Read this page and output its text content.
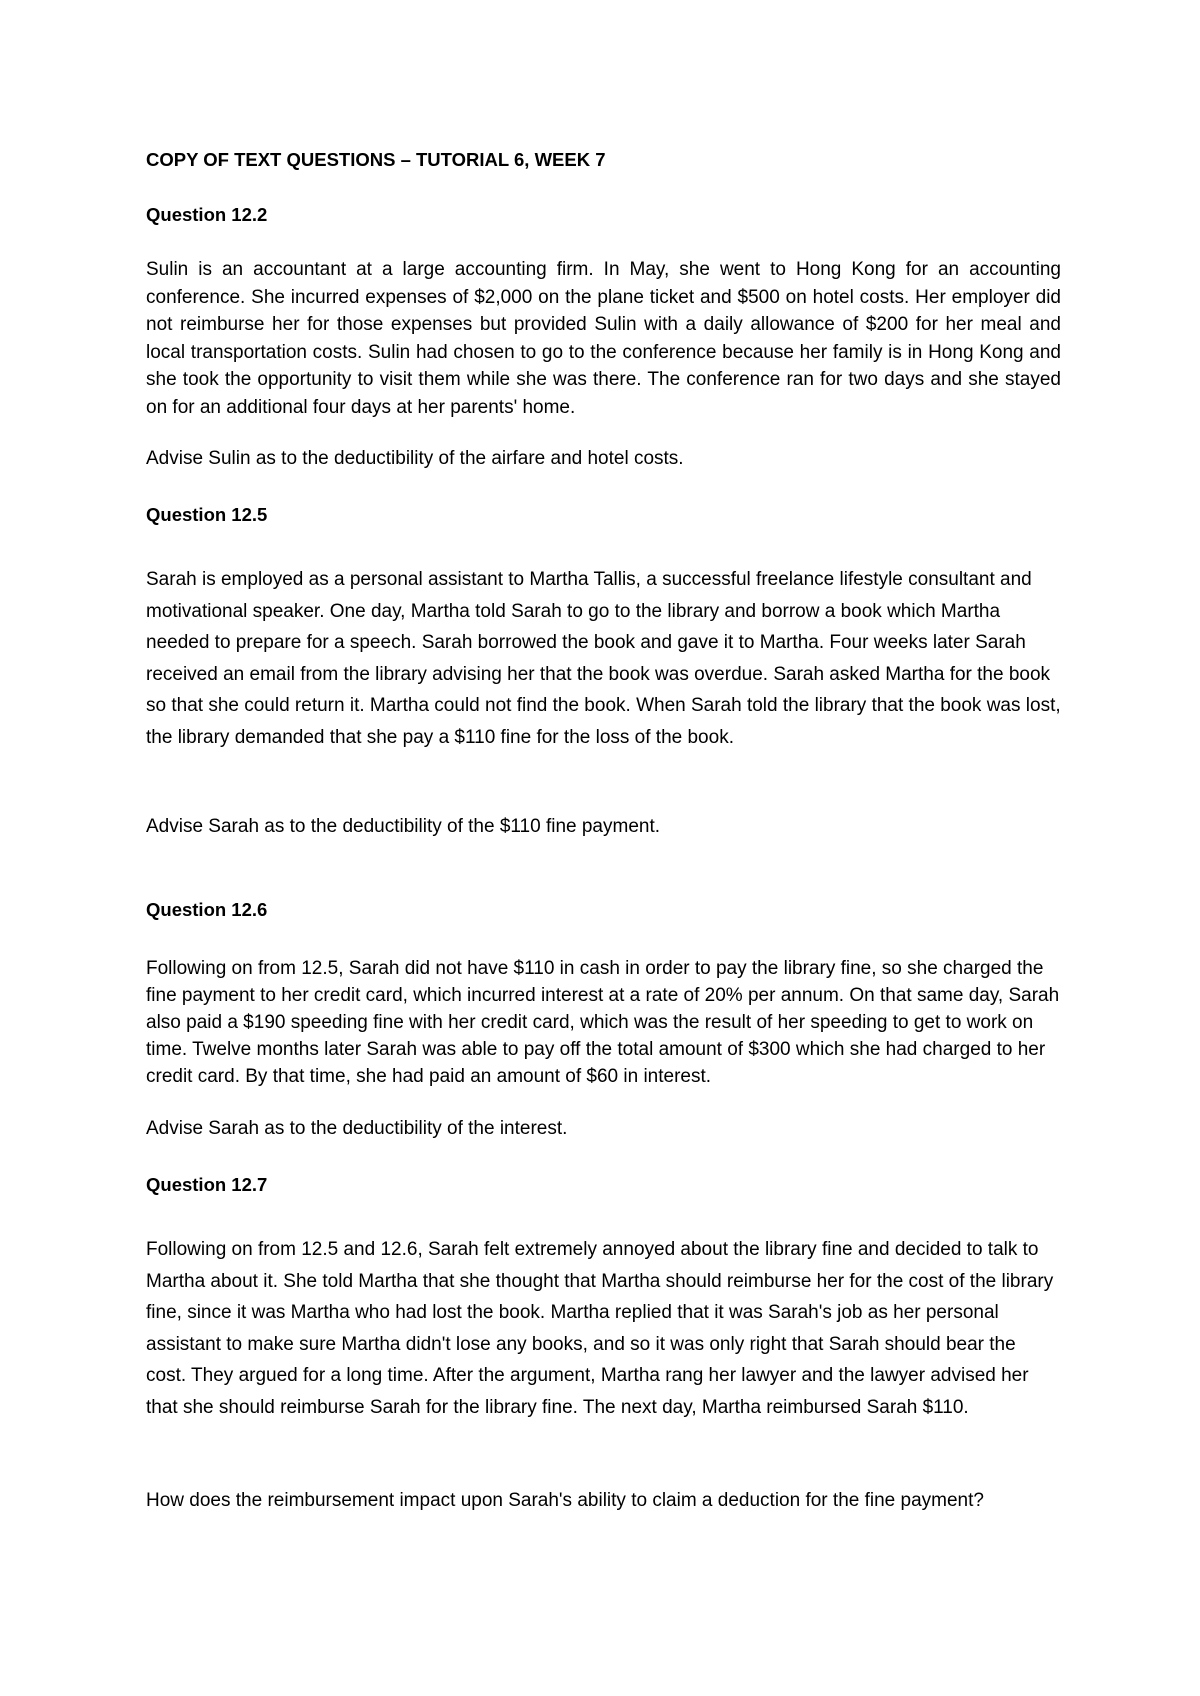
COPY OF TEXT QUESTIONS – TUTORIAL 6, WEEK 7

Question 12.2

Sulin is an accountant at a large accounting firm. In May, she went to Hong Kong for an accounting conference. She incurred expenses of $2,000 on the plane ticket and $500 on hotel costs. Her employer did not reimburse her for those expenses but provided Sulin with a daily allowance of $200 for her meal and local transportation costs. Sulin had chosen to go to the conference because her family is in Hong Kong and she took the opportunity to visit them while she was there. The conference ran for two days and she stayed on for an additional four days at her parents' home.

Advise Sulin as to the deductibility of the airfare and hotel costs.

Question 12.5

Sarah is employed as a personal assistant to Martha Tallis, a successful freelance lifestyle consultant and motivational speaker. One day, Martha told Sarah to go to the library and borrow a book which Martha needed to prepare for a speech. Sarah borrowed the book and gave it to Martha. Four weeks later Sarah received an email from the library advising her that the book was overdue. Sarah asked Martha for the book so that she could return it. Martha could not find the book. When Sarah told the library that the book was lost, the library demanded that she pay a $110 fine for the loss of the book.

Advise Sarah as to the deductibility of the $110 fine payment.

Question 12.6

Following on from 12.5, Sarah did not have $110 in cash in order to pay the library fine, so she charged the fine payment to her credit card, which incurred interest at a rate of 20% per annum. On that same day, Sarah also paid a $190 speeding fine with her credit card, which was the result of her speeding to get to work on time. Twelve months later Sarah was able to pay off the total amount of $300 which she had charged to her credit card. By that time, she had paid an amount of $60 in interest.

Advise Sarah as to the deductibility of the interest.

Question 12.7

Following on from 12.5 and 12.6, Sarah felt extremely annoyed about the library fine and decided to talk to Martha about it. She told Martha that she thought that Martha should reimburse her for the cost of the library fine, since it was Martha who had lost the book. Martha replied that it was Sarah's job as her personal assistant to make sure Martha didn't lose any books, and so it was only right that Sarah should bear the cost. They argued for a long time. After the argument, Martha rang her lawyer and the lawyer advised her that she should reimburse Sarah for the library fine. The next day, Martha reimbursed Sarah $110.

How does the reimbursement impact upon Sarah's ability to claim a deduction for the fine payment?
